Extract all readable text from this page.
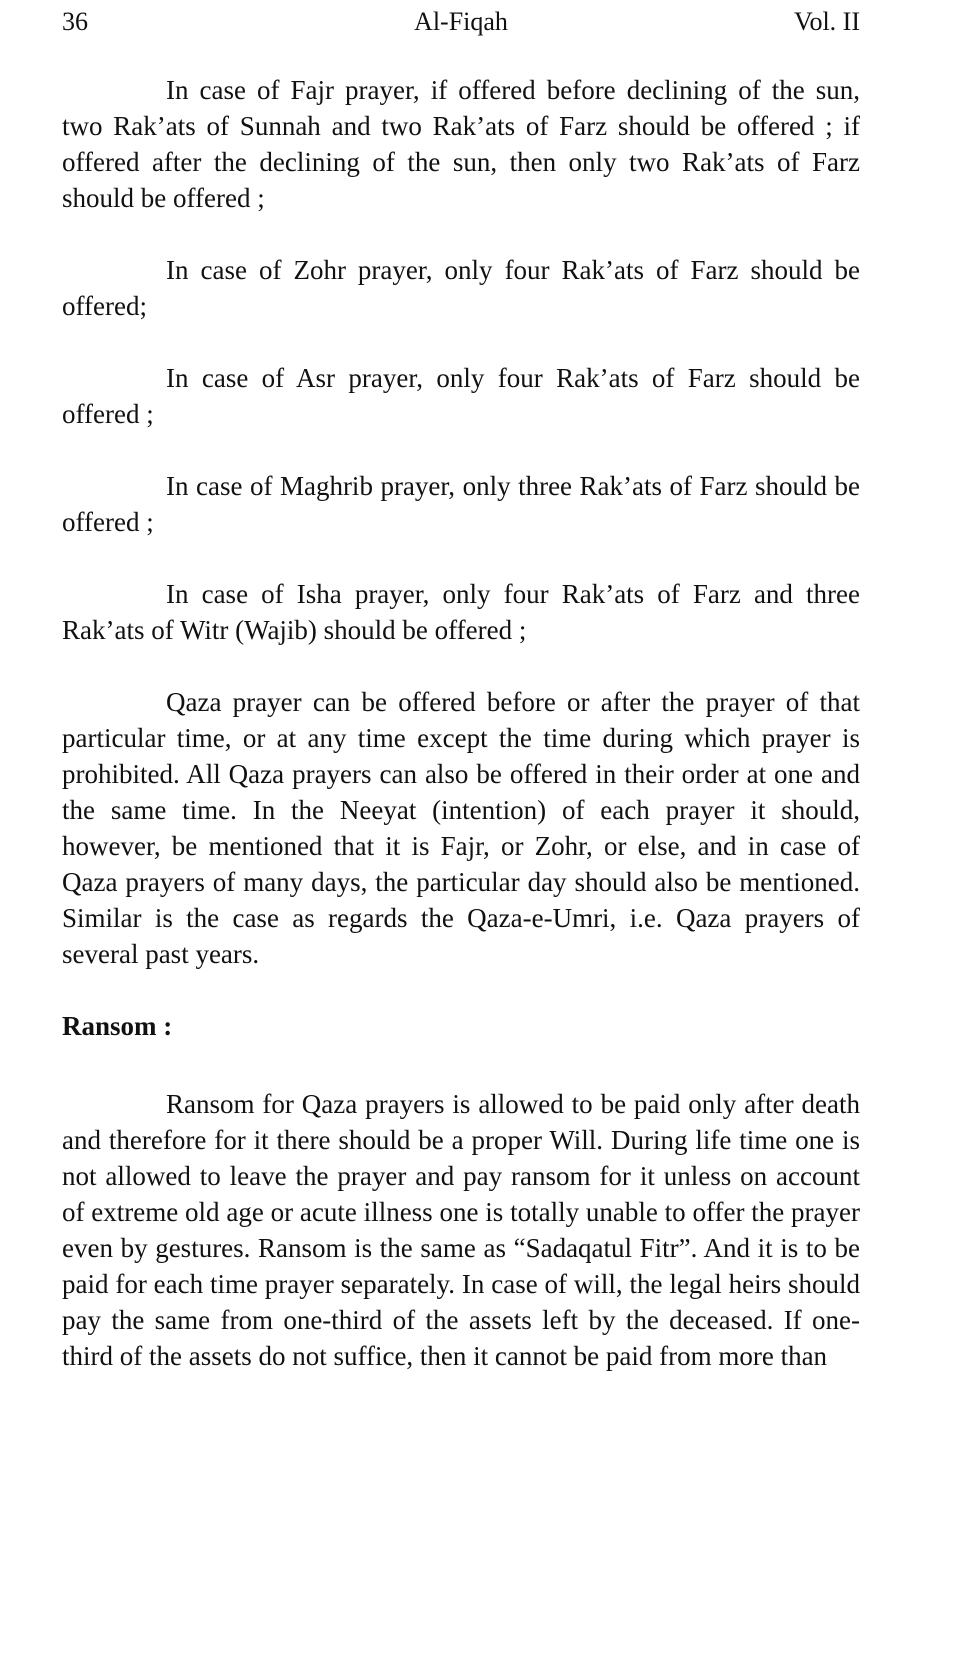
36	Al-Fiqah	Vol. II

In case of Fajr prayer, if offered before declining of the sun, two Rak’ats of Sunnah and two Rak’ats of Farz should be offered ; if offered after the declining of the sun, then only two Rak’ats of Farz should be offered ;

In case of Zohr prayer, only four Rak’ats of Farz should be offered;

In case of Asr prayer, only four Rak’ats of Farz should be offered ;

In case of Maghrib prayer, only three Rak’ats of Farz should be offered ;

In case of Isha prayer, only four Rak’ats of Farz and three Rak’ats of Witr (Wajib) should be offered ;

Qaza prayer can be offered before or after the prayer of that particular time, or at any time except the time during which prayer is prohibited. All Qaza prayers can also be offered in their order at one and the same time. In the Neeyat (intention) of each prayer it should, however, be mentioned that it is Fajr, or Zohr, or else, and in case of Qaza prayers of many days, the particular day should also be mentioned. Similar is the case as regards the Qaza-e-Umri, i.e. Qaza prayers of several past years.

Ransom :

Ransom for Qaza prayers is allowed to be paid only after death and therefore for it there should be a proper Will. During life time one is not allowed to leave the prayer and pay ransom for it unless on account of extreme old age or acute illness one is totally unable to offer the prayer even by gestures. Ransom is the same as “Sadaqatul Fitr”. And it is to be paid for each time prayer separately. In case of will, the legal heirs should pay the same from one-third of the assets left by the deceased. If one-third of the assets do not suffice, then it cannot be paid from more than
